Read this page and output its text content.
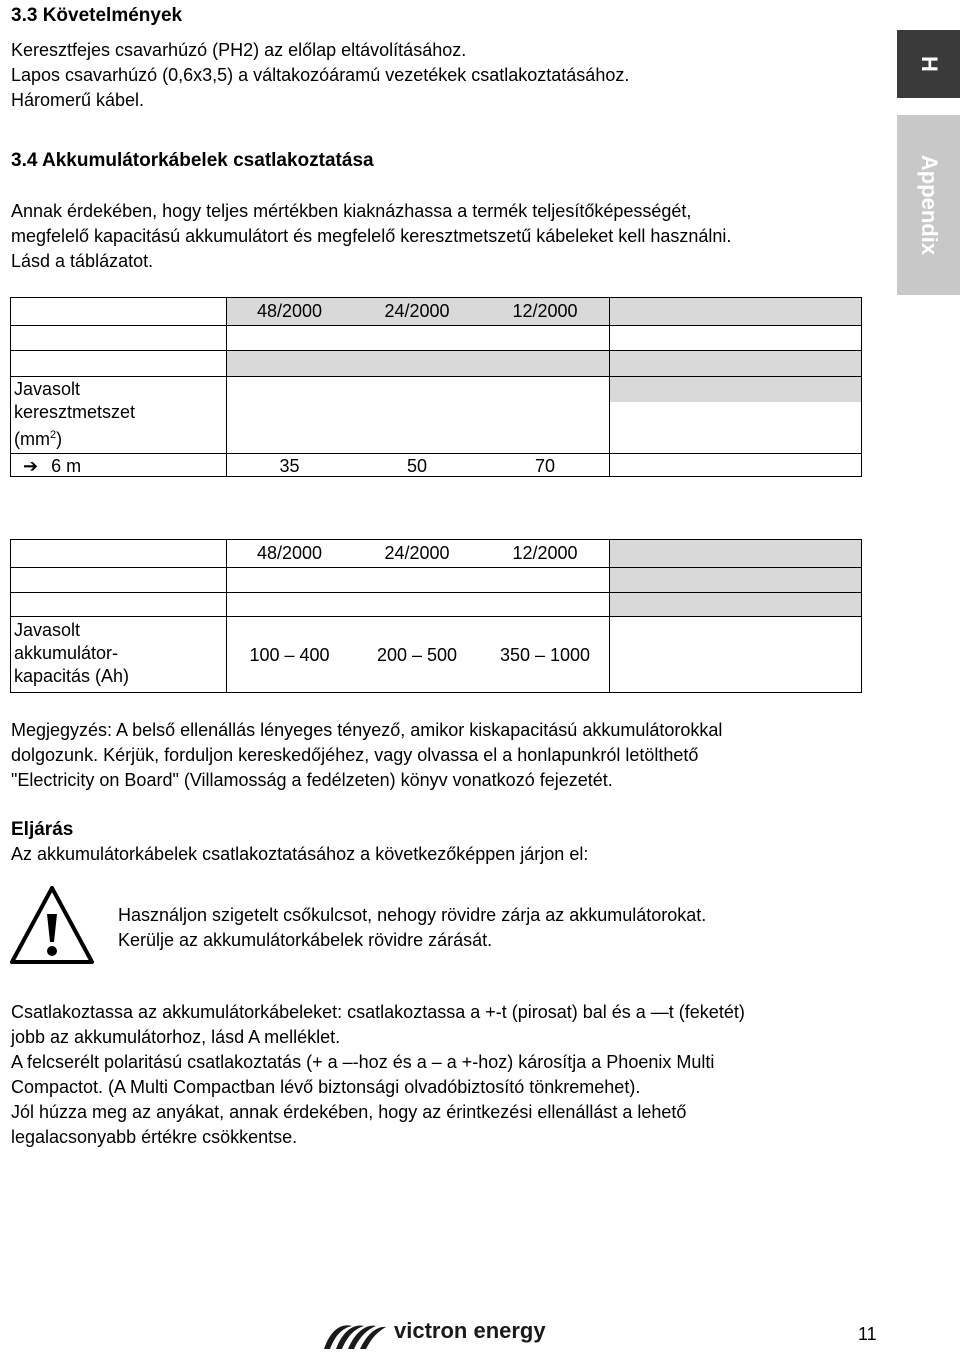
H
Appendix
3.3 Követelmények
Keresztfejes csavarhúzó (PH2) az előlap eltávolításához.
Lapos csavarhúzó (0,6x3,5) a váltakozóáramú vezetékek csatlakoztatásához.
Háromerű kábel.
3.4 Akkumulátorkábelek csatlakoztatása
Annak érdekében, hogy teljes mértékben kiaknázhassa a termék teljesítőképességét,
megfelelő kapacitású akkumulátort és megfelelő keresztmetszetű kábeleket kell használni.
Lásd a táblázatot.
48/2000	24/2000	12/2000
Javasolt
keresztmetszet
$(mm^2)$
➔ 6 m	35	50	70
48/2000	24/2000	12/2000
Javasolt
akkumulátor-
kapacitás (Ah)
100 – 400	200 – 500	350 – 1000
Megjegyzés: A belső ellenállás lényeges tényező, amikor kiskapacitású akkumulátorokkal
dolgozunk. Kérjük, forduljon kereskedőjéhez, vagy olvassa el a honlapunkról letölthető
"Electricity on Board" (Villamosság a fedélzeten) könyv vonatkozó fejezetét.
Eljárás
Az akkumulátorkábelek csatlakoztatásához a következőképpen járjon el:
Használjon szigetelt csőkulcsot, nehogy rövidre zárja az akkumulátorokat.
Kerülje az akkumulátorkábelek rövidre zárását.
Csatlakoztassa az akkumulátorkábeleket: csatlakoztassa a +-t (pirosat) bal és a —t (feketét)
jobb az akkumulátorhoz, lásd A melléklet.
A felcserélt polaritású csatlakoztatás (+ a –-hoz és a – a +-hoz) károsítja a Phoenix Multi
Compactot. (A Multi Compactban lévő biztonsági olvadóbiztosító tönkremehet).
Jól húzza meg az anyákat, annak érdekében, hogy az érintkezési ellenállást a lehető
legalacsonyabb értékre csökkentse.
victron energy	11
